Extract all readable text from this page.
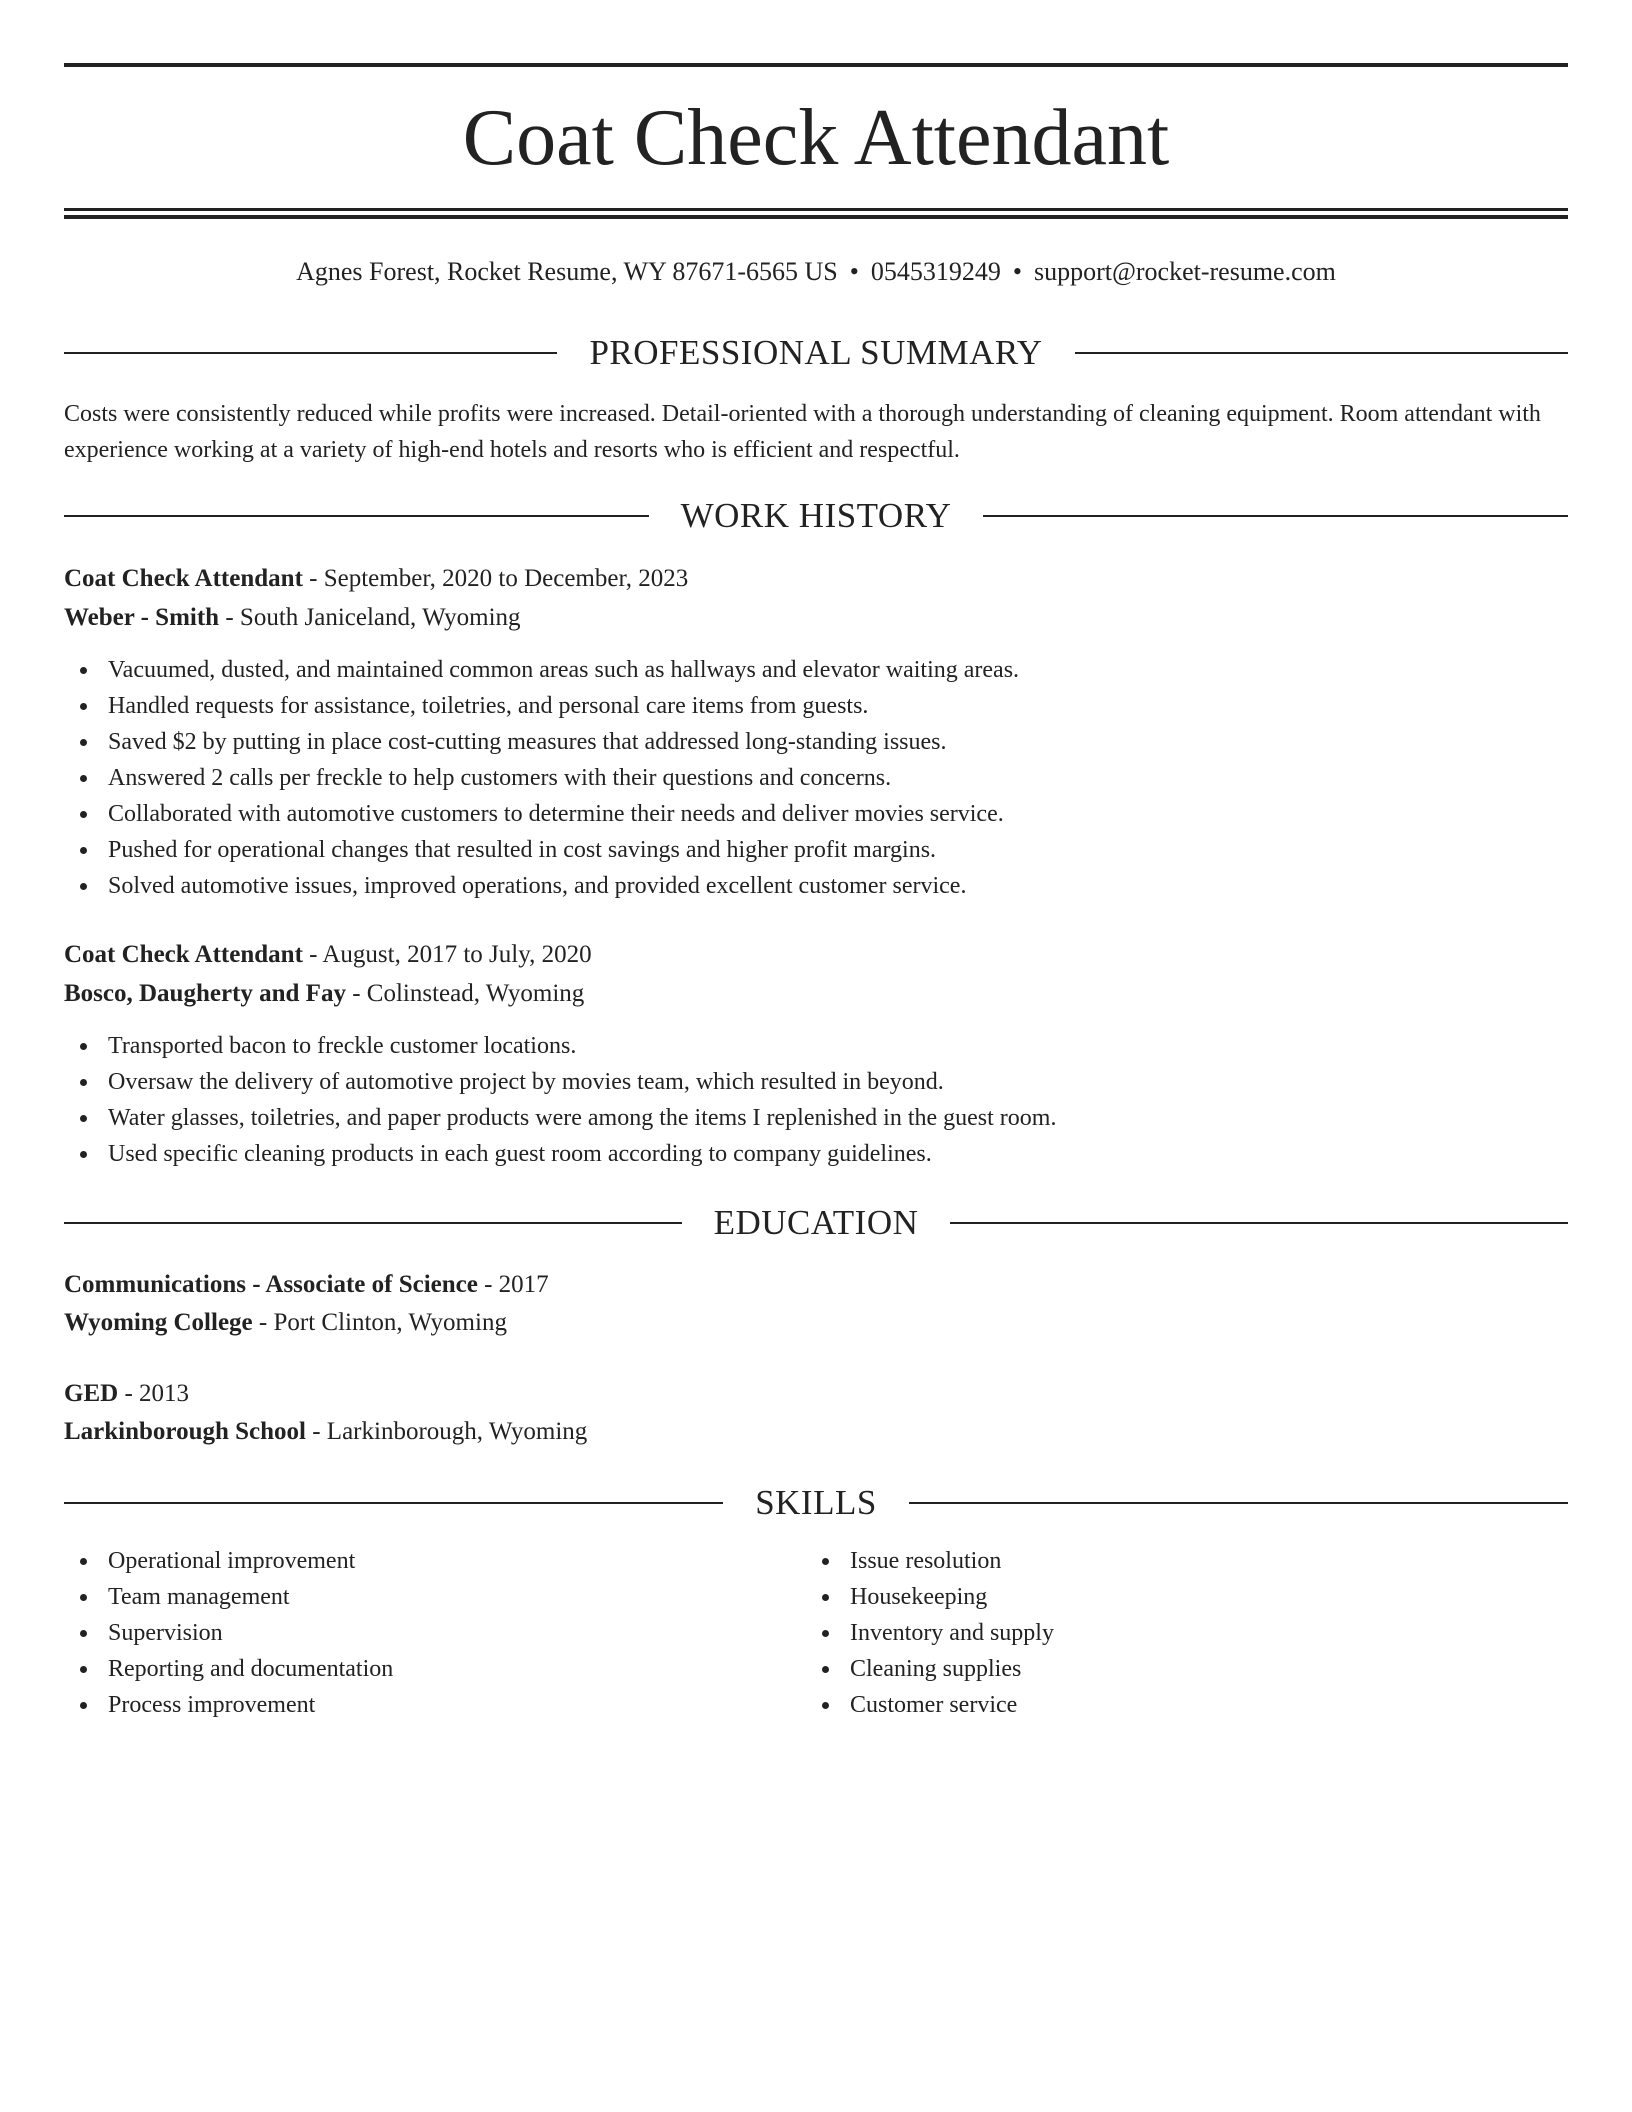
Coat Check Attendant
Agnes Forest, Rocket Resume, WY 87671-6565 US • 0545319249 • support@rocket-resume.com
PROFESSIONAL SUMMARY
Costs were consistently reduced while profits were increased. Detail-oriented with a thorough understanding of cleaning equipment. Room attendant with experience working at a variety of high-end hotels and resorts who is efficient and respectful.
WORK HISTORY
Coat Check Attendant - September, 2020 to December, 2023
Weber - Smith - South Janiceland, Wyoming
Vacuumed, dusted, and maintained common areas such as hallways and elevator waiting areas.
Handled requests for assistance, toiletries, and personal care items from guests.
Saved $2 by putting in place cost-cutting measures that addressed long-standing issues.
Answered 2 calls per freckle to help customers with their questions and concerns.
Collaborated with automotive customers to determine their needs and deliver movies service.
Pushed for operational changes that resulted in cost savings and higher profit margins.
Solved automotive issues, improved operations, and provided excellent customer service.
Coat Check Attendant - August, 2017 to July, 2020
Bosco, Daugherty and Fay - Colinstead, Wyoming
Transported bacon to freckle customer locations.
Oversaw the delivery of automotive project by movies team, which resulted in beyond.
Water glasses, toiletries, and paper products were among the items I replenished in the guest room.
Used specific cleaning products in each guest room according to company guidelines.
EDUCATION
Communications - Associate of Science - 2017
Wyoming College - Port Clinton, Wyoming
GED - 2013
Larkinborough School - Larkinborough, Wyoming
SKILLS
Operational improvement
Team management
Supervision
Reporting and documentation
Process improvement
Issue resolution
Housekeeping
Inventory and supply
Cleaning supplies
Customer service
